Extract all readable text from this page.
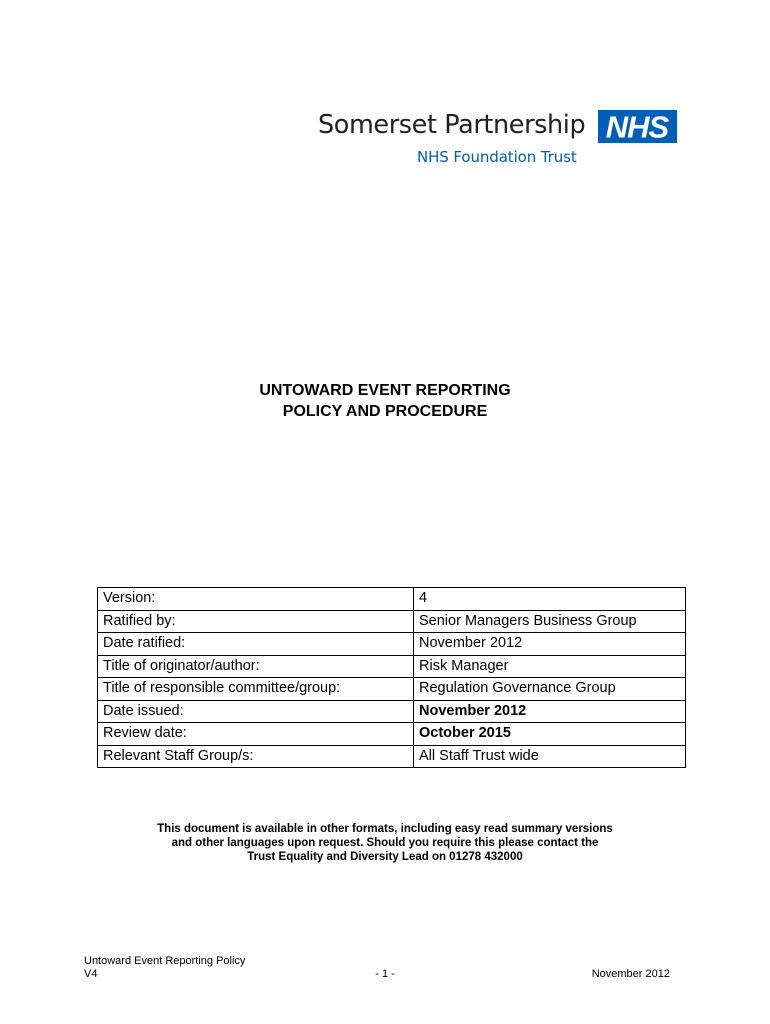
Somerset Partnership NHS
NHS Foundation Trust
UNTOWARD EVENT REPORTING
POLICY AND PROCEDURE
Version:	4
Ratified by:	Senior Managers Business Group
Date ratified:	November 2012
Title of originator/author:	Risk Manager
Title of responsible committee/group:	Regulation Governance Group
Date issued:	November 2012
Review date:	October 2015
Relevant Staff Group/s:	All Staff Trust wide
This document is available in other formats, including easy read summary versions
and other languages upon request. Should you require this please contact the
Trust Equality and Diversity Lead on 01278 432000
Untoward Event Reporting Policy
V4	- 1 -	November 2012
